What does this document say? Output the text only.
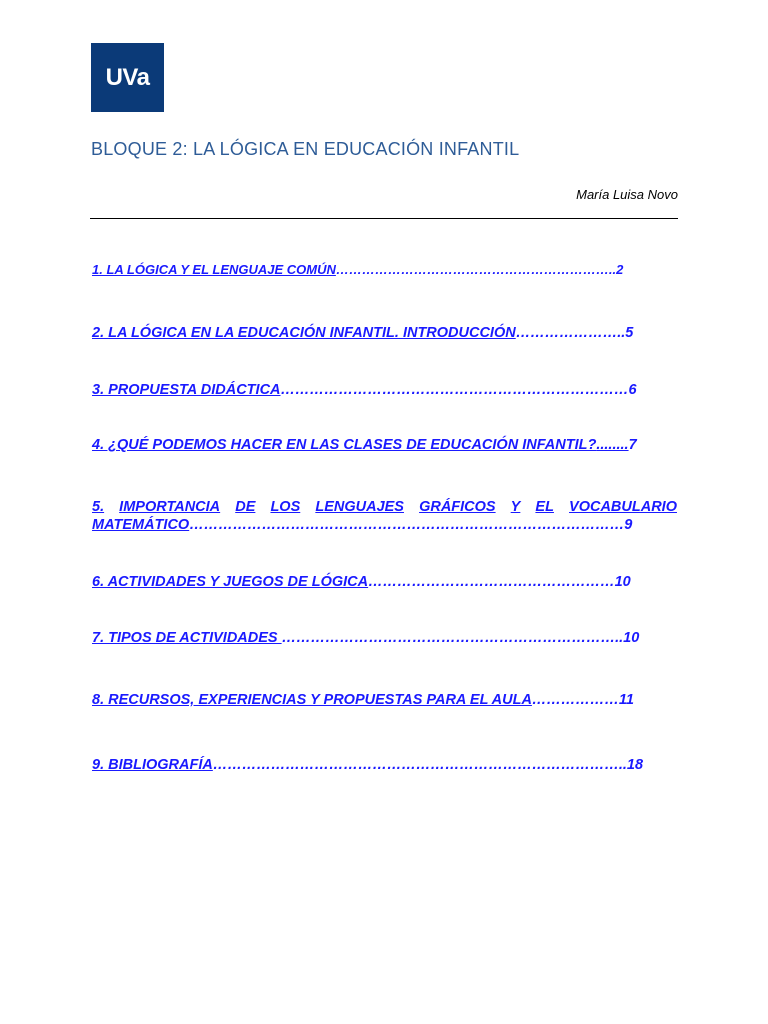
UVa
BLOQUE 2: LA LÓGICA EN EDUCACIÓN INFANTIL
María Luisa Novo
1. LA LÓGICA Y EL LENGUAJE COMÚN………………………………………………………..2
2. LA LÓGICA EN LA EDUCACIÓN INFANTIL. INTRODUCCIÓN…………………..5
3. PROPUESTA DIDÁCTICA………………………………………………………………6
4. ¿QUÉ PODEMOS HACER EN LAS CLASES DE EDUCACIÓN INFANTIL?........7
5. IMPORTANCIA DE LOS LENGUAJES GRÁFICOS Y EL VOCABULARIO
MATEMÁTICO………………………………………………………………………………9
6. ACTIVIDADES Y JUEGOS DE LÓGICA……………………………………………10
7. TIPOS DE ACTIVIDADES ……………………………………………………………..10
8. RECURSOS, EXPERIENCIAS Y PROPUESTAS PARA EL AULA………………11
9. BIBLIOGRAFÍA…………………………………………………………………………..18
